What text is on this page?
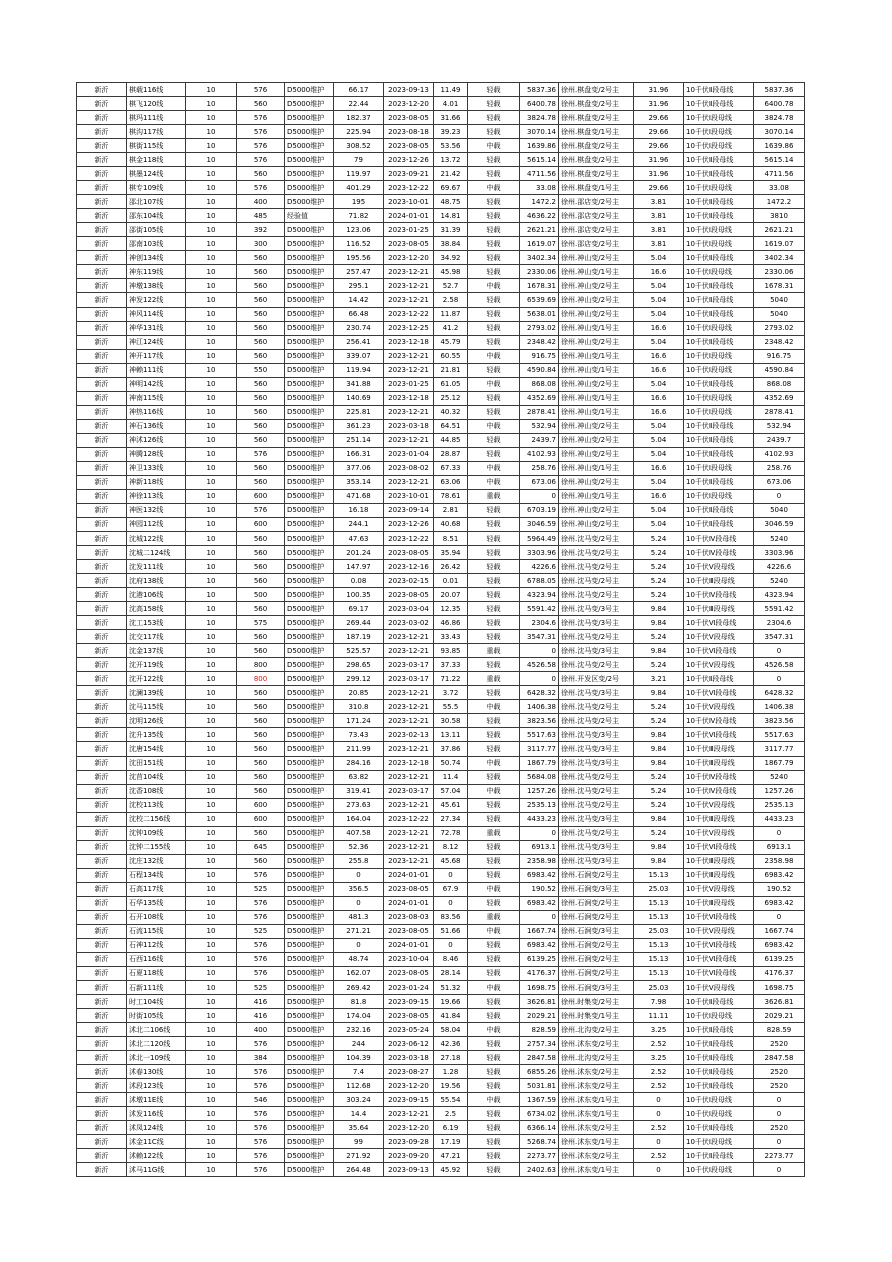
新沂	棋载116线	10	576	D5000维护	66.17	2023-09-13	11.49	轻载	5837.36	徐州.棋盘变/2号主	31.96	10千伏Ⅱ段母线	5837.36
新沂	棋飞120线	10	560	D5000维护	22.44	2023-12-20	4.01	轻载	6400.78	徐州.棋盘变/2号主	31.96	10千伏Ⅱ段母线	6400.78
新沂	棋玛111线	10	576	D5000维护	182.37	2023-08-05	31.66	轻载	3824.78	徐州.棋盘变/2号主	29.66	10千伏Ⅰ段母线	3824.78
新沂	棋沟117线	10	576	D5000维护	225.94	2023-08-18	39.23	轻载	3070.14	徐州.棋盘变/1号主	29.66	10千伏Ⅰ段母线	3070.14
新沂	棋街115线	10	576	D5000维护	308.52	2023-08-05	53.56	中载	1639.86	徐州.棋盘变/2号主	29.66	10千伏Ⅰ段母线	1639.86
新沂	棋金118线	10	576	D5000维护	79	2023-12-26	13.72	轻载	5615.14	徐州.棋盘变/2号主	31.96	10千伏Ⅱ段母线	5615.14
新沂	棋墨124线	10	560	D5000维护	119.97	2023-09-21	21.42	轻载	4711.56	徐州.棋盘变/2号主	31.96	10千伏Ⅱ段母线	4711.56
新沂	棋专109线	10	576	D5000维护	401.29	2023-12-22	69.67	中载	33.08	徐州.棋盘变/1号主	29.66	10千伏Ⅰ段母线	33.08
新沂	邵北107线	10	400	D5000维护	195	2023-10-01	48.75	轻载	1472.2	徐州.邵店变/2号主	3.81	10千伏Ⅱ段母线	1472.2
新沂	邵东104线	10	485	经验值	71.82	2024-01-01	14.81	轻载	4636.22	徐州.邵店变/2号主	3.81	10千伏Ⅱ段母线	3810
新沂	邵街105线	10	392	D5000维护	123.06	2023-01-25	31.39	轻载	2621.21	徐州.邵店变/2号主	3.81	10千伏Ⅰ段母线	2621.21
新沂	邵南103线	10	300	D5000维护	116.52	2023-08-05	38.84	轻载	1619.07	徐州.邵店变/2号主	3.81	10千伏Ⅰ段母线	1619.07
新沂	神创134线	10	560	D5000维护	195.56	2023-12-20	34.92	轻载	3402.34	徐州.神山变/2号主	5.04	10千伏Ⅱ段母线	3402.34
新沂	神东119线	10	560	D5000维护	257.47	2023-12-21	45.98	轻载	2330.06	徐州.神山变/1号主	16.6	10千伏Ⅰ段母线	2330.06
新沂	神墩138线	10	560	D5000维护	295.1	2023-12-21	52.7	中载	1678.31	徐州.神山变/2号主	5.04	10千伏Ⅱ段母线	1678.31
新沂	神发122线	10	560	D5000维护	14.42	2023-12-21	2.58	轻载	6539.69	徐州.神山变/2号主	5.04	10千伏Ⅱ段母线	5040
新沂	神风114线	10	560	D5000维护	66.48	2023-12-22	11.87	轻载	5638.01	徐州.神山变/2号主	5.04	10千伏Ⅱ段母线	5040
新沂	神华131线	10	560	D5000维护	230.74	2023-12-25	41.2	轻载	2793.02	徐州.神山变/1号主	16.6	10千伏Ⅰ段母线	2793.02
新沂	神江124线	10	560	D5000维护	256.41	2023-12-18	45.79	轻载	2348.42	徐州.神山变/2号主	5.04	10千伏Ⅱ段母线	2348.42
新沂	神开117线	10	560	D5000维护	339.07	2023-12-21	60.55	中载	916.75	徐州.神山变/1号主	16.6	10千伏Ⅰ段母线	916.75
新沂	神赖111线	10	550	D5000维护	119.94	2023-12-21	21.81	轻载	4590.84	徐州.神山变/1号主	16.6	10千伏Ⅰ段母线	4590.84
新沂	神明142线	10	560	D5000维护	341.88	2023-01-25	61.05	中载	868.08	徐州.神山变/2号主	5.04	10千伏Ⅱ段母线	868.08
新沂	神南115线	10	560	D5000维护	140.69	2023-12-18	25.12	轻载	4352.69	徐州.神山变/1号主	16.6	10千伏Ⅰ段母线	4352.69
新沂	神热116线	10	560	D5000维护	225.81	2023-12-21	40.32	轻载	2878.41	徐州.神山变/1号主	16.6	10千伏Ⅰ段母线	2878.41
新沂	神石136线	10	560	D5000维护	361.23	2023-03-18	64.51	中载	532.94	徐州.神山变/2号主	5.04	10千伏Ⅱ段母线	532.94
新沂	神沭126线	10	560	D5000维护	251.14	2023-12-21	44.85	轻载	2439.7	徐州.神山变/2号主	5.04	10千伏Ⅱ段母线	2439.7
新沂	神腾128线	10	576	D5000维护	166.31	2023-01-04	28.87	轻载	4102.93	徐州.神山变/2号主	5.04	10千伏Ⅱ段母线	4102.93
新沂	神卫133线	10	560	D5000维护	377.06	2023-08-02	67.33	中载	258.76	徐州.神山变/1号主	16.6	10千伏Ⅰ段母线	258.76
新沂	神新118线	10	560	D5000维护	353.14	2023-12-21	63.06	中载	673.06	徐州.神山变/2号主	5.04	10千伏Ⅱ段母线	673.06
新沂	神徐113线	10	600	D5000维护	471.68	2023-10-01	78.61	重载	0	徐州.神山变/1号主	16.6	10千伏Ⅰ段母线	0
新沂	神医132线	10	576	D5000维护	16.18	2023-09-14	2.81	轻载	6703.19	徐州.神山变/2号主	5.04	10千伏Ⅱ段母线	5040
新沂	神园112线	10	600	D5000维护	244.1	2023-12-26	40.68	轻载	3046.59	徐州.神山变/2号主	5.04	10千伏Ⅱ段母线	3046.59
新沂	沈城122线	10	560	D5000维护	47.63	2023-12-22	8.51	轻载	5964.49	徐州.沈马变/2号主	5.24	10千伏Ⅳ段母线	5240
新沂	沈城二124线	10	560	D5000维护	201.24	2023-08-05	35.94	轻载	3303.96	徐州.沈马变/2号主	5.24	10千伏Ⅳ段母线	3303.96
新沂	沈发111线	10	560	D5000维护	147.97	2023-12-16	26.42	轻载	4226.6	徐州.沈马变/2号主	5.24	10千伏Ⅴ段母线	4226.6
新沂	沈府138线	10	560	D5000维护	0.08	2023-02-15	0.01	轻载	6788.05	徐州.沈马变/2号主	5.24	10千伏Ⅲ段母线	5240
新沂	沈港106线	10	500	D5000维护	100.35	2023-08-05	20.07	轻载	4323.94	徐州.沈马变/2号主	5.24	10千伏Ⅳ段母线	4323.94
新沂	沈高158线	10	560	D5000维护	69.17	2023-03-04	12.35	轻载	5591.42	徐州.沈马变/3号主	9.84	10千伏Ⅲ段母线	5591.42
新沂	沈工153线	10	575	D5000维护	269.44	2023-03-02	46.86	轻载	2304.6	徐州.沈马变/3号主	9.84	10千伏Ⅵ段母线	2304.6
新沂	沈交117线	10	560	D5000维护	187.19	2023-12-21	33.43	轻载	3547.31	徐州.沈马变/2号主	5.24	10千伏Ⅴ段母线	3547.31
新沂	沈金137线	10	560	D5000维护	525.57	2023-12-21	93.85	重载	0	徐州.沈马变/3号主	9.84	10千伏Ⅵ段母线	0
新沂	沈开119线	10	800	D5000维护	298.65	2023-03-17	37.33	轻载	4526.58	徐州.沈马变/2号主	5.24	10千伏Ⅴ段母线	4526.58
新沂	沈开122线	10	800	D5000维护	299.12	2023-03-17	71.22	重载	0	徐州.开发区变/2号	3.21	10千伏Ⅱ段母线	0
新沂	沈澜139线	10	560	D5000维护	20.85	2023-12-21	3.72	轻载	6428.32	徐州.沈马变/3号主	9.84	10千伏Ⅵ段母线	6428.32
新沂	沈马115线	10	560	D5000维护	310.8	2023-12-21	55.5	中载	1406.38	徐州.沈马变/2号主	5.24	10千伏Ⅴ段母线	1406.38
新沂	沈明126线	10	560	D5000维护	171.24	2023-12-21	30.58	轻载	3823.56	徐州.沈马变/2号主	5.24	10千伏Ⅳ段母线	3823.56
新沂	沈升135线	10	560	D5000维护	73.43	2023-02-13	13.11	轻载	5517.63	徐州.沈马变/3号主	9.84	10千伏Ⅵ段母线	5517.63
新沂	沈唐154线	10	560	D5000维护	211.99	2023-12-21	37.86	轻载	3117.77	徐州.沈马变/3号主	9.84	10千伏Ⅲ段母线	3117.77
新沂	沈田151线	10	560	D5000维护	284.16	2023-12-18	50.74	中载	1867.79	徐州.沈马变/3号主	9.84	10千伏Ⅲ段母线	1867.79
新沂	沈苜104线	10	560	D5000维护	63.82	2023-12-21	11.4	轻载	5684.08	徐州.沈马变/2号主	5.24	10千伏Ⅳ段母线	5240
新沂	沈香108线	10	560	D5000维护	319.41	2023-03-17	57.04	中载	1257.26	徐州.沈马变/2号主	5.24	10千伏Ⅳ段母线	1257.26
新沂	沈校113线	10	600	D5000维护	273.63	2023-12-21	45.61	轻载	2535.13	徐州.沈马变/2号主	5.24	10千伏Ⅴ段母线	2535.13
新沂	沈校二156线	10	600	D5000维护	164.04	2023-12-22	27.34	轻载	4433.23	徐州.沈马变/3号主	9.84	10千伏Ⅲ段母线	4433.23
新沂	沈钟109线	10	560	D5000维护	407.58	2023-12-21	72.78	重载	0	徐州.沈马变/2号主	5.24	10千伏Ⅴ段母线	0
新沂	沈钟二155线	10	645	D5000维护	52.36	2023-12-21	8.12	轻载	6913.1	徐州.沈马变/3号主	9.84	10千伏Ⅵ段母线	6913.1
新沂	沈庄132线	10	560	D5000维护	255.8	2023-12-21	45.68	轻载	2358.98	徐州.沈马变/3号主	9.84	10千伏Ⅲ段母线	2358.98
新沂	石程134线	10	576	D5000维护	0	2024-01-01	0	轻载	6983.42	徐州.石涧变/2号主	15.13	10千伏Ⅲ段母线	6983.42
新沂	石高117线	10	525	D5000维护	356.5	2023-08-05	67.9	中载	190.52	徐州.石涧变/3号主	25.03	10千伏Ⅴ段母线	190.52
新沂	石华135线	10	576	D5000维护	0	2024-01-01	0	轻载	6983.42	徐州.石涧变/2号主	15.13	10千伏Ⅲ段母线	6983.42
新沂	石开108线	10	576	D5000维护	481.3	2023-08-03	83.56	重载	0	徐州.石涧变/2号主	15.13	10千伏Ⅵ段母线	0
新沂	石流115线	10	525	D5000维护	271.21	2023-08-05	51.66	中载	1667.74	徐州.石涧变/3号主	25.03	10千伏Ⅴ段母线	1667.74
新沂	石神112线	10	576	D5000维护	0	2024-01-01	0	轻载	6983.42	徐州.石涧变/2号主	15.13	10千伏Ⅵ段母线	6983.42
新沂	石西116线	10	576	D5000维护	48.74	2023-10-04	8.46	轻载	6139.25	徐州.石涧变/2号主	15.13	10千伏Ⅵ段母线	6139.25
新沂	石夏118线	10	576	D5000维护	162.07	2023-08-05	28.14	轻载	4176.37	徐州.石涧变/2号主	15.13	10千伏Ⅵ段母线	4176.37
新沂	石新111线	10	525	D5000维护	269.42	2023-01-24	51.32	中载	1698.75	徐州.石涧变/3号主	25.03	10千伏Ⅴ段母线	1698.75
新沂	时工104线	10	416	D5000维护	81.8	2023-09-15	19.66	轻载	3626.81	徐州.时集变/2号主	7.98	10千伏Ⅱ段母线	3626.81
新沂	时街105线	10	416	D5000维护	174.04	2023-08-05	41.84	轻载	2029.21	徐州.时集变/1号主	11.11	10千伏Ⅰ段母线	2029.21
新沂	沭北二106线	10	400	D5000维护	232.16	2023-05-24	58.04	中载	828.59	徐州.北沟变/2号主	3.25	10千伏Ⅱ段母线	828.59
新沂	沭北二120线	10	576	D5000维护	244	2023-06-12	42.36	轻载	2757.34	徐州.沭东变/2号主	2.52	10千伏Ⅱ段母线	2520
新沂	沭北一109线	10	384	D5000维护	104.39	2023-03-18	27.18	轻载	2847.58	徐州.北沟变/2号主	3.25	10千伏Ⅱ段母线	2847.58
新沂	沭春130线	10	576	D5000维护	7.4	2023-08-27	1.28	轻载	6855.26	徐州.沭东变/2号主	2.52	10千伏Ⅱ段母线	2520
新沂	沭段123线	10	576	D5000维护	112.68	2023-12-20	19.56	轻载	5031.81	徐州.沭东变/2号主	2.52	10千伏Ⅱ段母线	2520
新沂	沭墩11E线	10	546	D5000维护	303.24	2023-09-15	55.54	中载	1367.59	徐州.沭东变/1号主	0	10千伏Ⅰ段母线	0
新沂	沭发116线	10	576	D5000维护	14.4	2023-12-21	2.5	轻载	6734.02	徐州.沭东变/1号主	0	10千伏Ⅰ段母线	0
新沂	沭凤124线	10	576	D5000维护	35.64	2023-12-20	6.19	轻载	6366.14	徐州.沭东变/2号主	2.52	10千伏Ⅱ段母线	2520
新沂	沭金11C线	10	576	D5000维护	99	2023-09-28	17.19	轻载	5268.74	徐州.沭东变/1号主	0	10千伏Ⅰ段母线	0
新沂	沭赖122线	10	576	D5000维护	271.92	2023-09-20	47.21	轻载	2273.77	徐州.沭东变/2号主	2.52	10千伏Ⅱ段母线	2273.77
新沂	沭马11G线	10	576	D5000维护	264.48	2023-09-13	45.92	轻载	2402.63	徐州.沭东变/1号主	0	10千伏Ⅰ段母线	0
